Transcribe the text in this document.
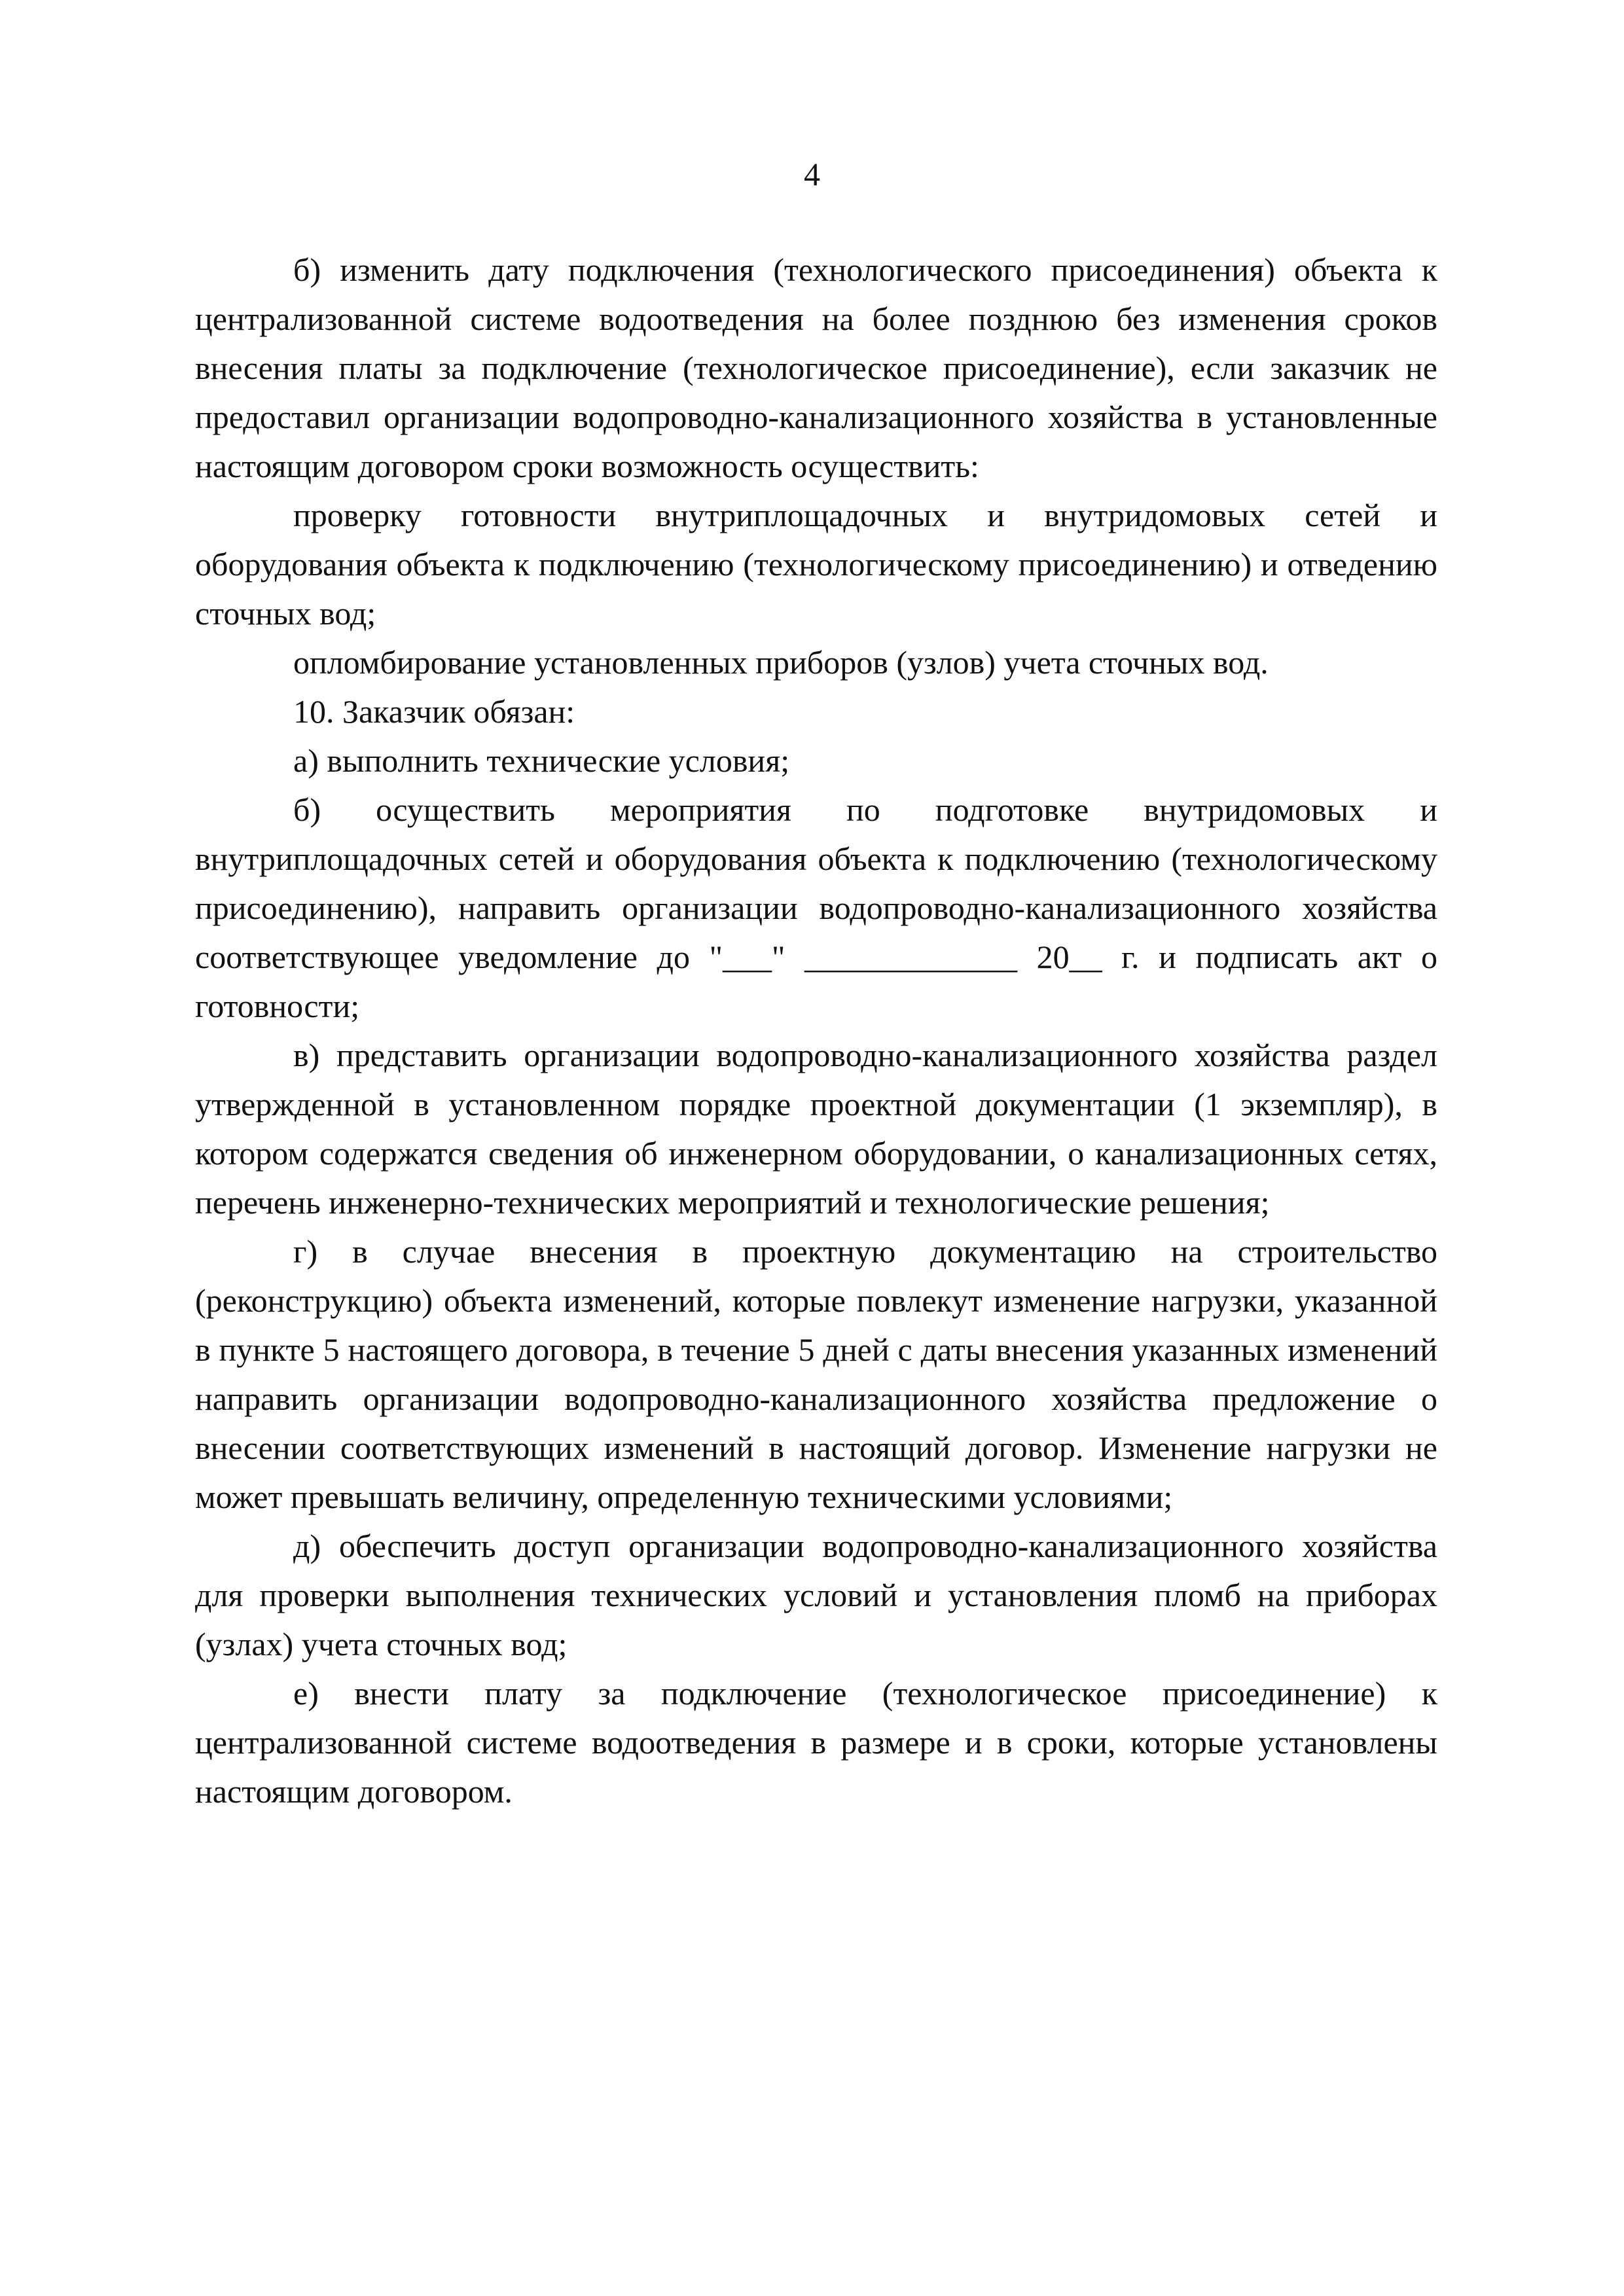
4

б) изменить дату подключения (технологического присоединения) объекта к централизованной системе водоотведения на более позднюю без изменения сроков внесения платы за подключение (технологическое присоединение), если заказчик не предоставил организации водопроводно-канализационного хозяйства в установленные настоящим договором сроки возможность осуществить:

проверку готовности внутриплощадочных и внутридомовых сетей и оборудования объекта к подключению (технологическому присоединению) и отведению сточных вод;

опломбирование установленных приборов (узлов) учета сточных вод.

10. Заказчик обязан:

а) выполнить технические условия;

б) осуществить мероприятия по подготовке внутридомовых и внутриплощадочных сетей и оборудования объекта к подключению (технологическому присоединению), направить организации водопроводно-канализационного хозяйства соответствующее уведомление до "___" _____________ 20__ г. и подписать акт о готовности;

в) представить организации водопроводно-канализационного хозяйства раздел утвержденной в установленном порядке проектной документации (1 экземпляр), в котором содержатся сведения об инженерном оборудовании, о канализационных сетях, перечень инженерно-технических мероприятий и технологические решения;

г) в случае внесения в проектную документацию на строительство (реконструкцию) объекта изменений, которые повлекут изменение нагрузки, указанной в пункте 5 настоящего договора, в течение 5 дней с даты внесения указанных изменений направить организации водопроводно-канализационного хозяйства предложение о внесении соответствующих изменений в настоящий договор. Изменение нагрузки не может превышать величину, определенную техническими условиями;

д) обеспечить доступ организации водопроводно-канализационного хозяйства для проверки выполнения технических условий и установления пломб на приборах (узлах) учета сточных вод;

е) внести плату за подключение (технологическое присоединение) к централизованной системе водоотведения в размере и в сроки, которые установлены настоящим договором.
